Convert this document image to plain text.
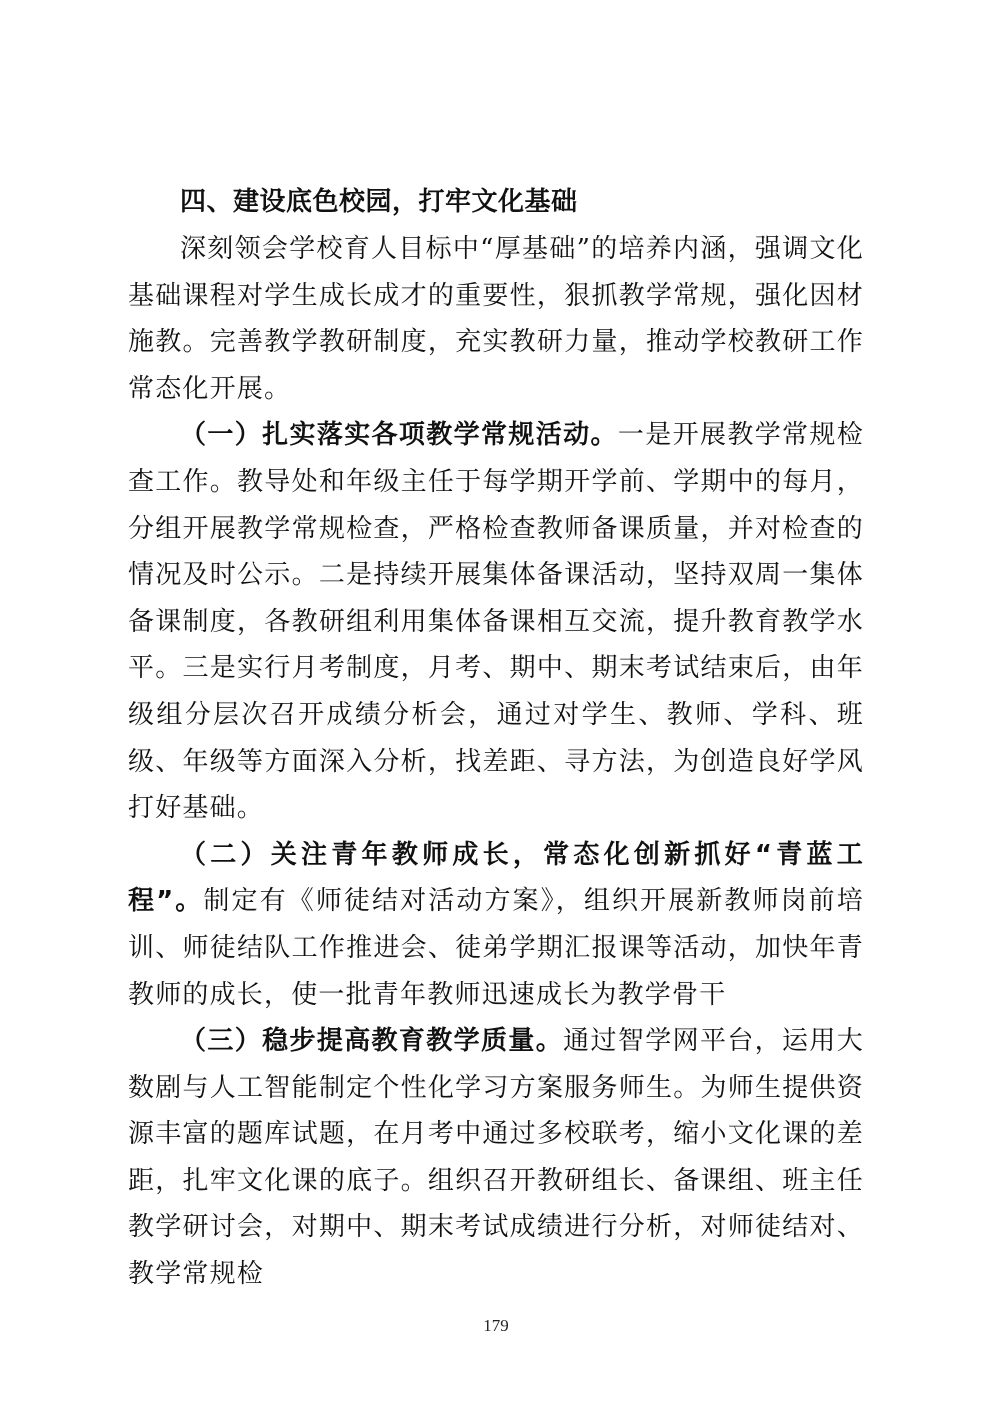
四、建设底色校园，打牢文化基础

深刻领会学校育人目标中“厚基础”的培养内涵，强调文化基础课程对学生成长成才的重要性，狠抓教学常规，强化因材施教。完善教学教研制度，充实教研力量，推动学校教研工作常态化开展。

（一）扎实落实各项教学常规活动。一是开展教学常规检查工作。教导处和年级主任于每学期开学前、学期中的每月，分组开展教学常规检查，严格检查教师备课质量，并对检查的情况及时公示。二是持续开展集体备课活动，坚持双周一集体备课制度，各教研组利用集体备课相互交流，提升教育教学水平。三是实行月考制度，月考、期中、期末考试结束后，由年级组分层次召开成绩分析会，通过对学生、教师、学科、班级、年级等方面深入分析，找差距、寻方法，为创造良好学风打好基础。

（二）关注青年教师成长，常态化创新抓好“青蓝工程”。制定有《师徒结对活动方案》，组织开展新教师岗前培训、师徒结队工作推进会、徒弟学期汇报课等活动，加快年青教师的成长，使一批青年教师迅速成长为教学骨干

（三）稳步提高教育教学质量。通过智学网平台，运用大数剧与人工智能制定个性化学习方案服务师生。为师生提供资源丰富的题库试题，在月考中通过多校联考，缩小文化课的差距，扎牢文化课的底子。组织召开教研组长、备课组、班主任教学研讨会，对期中、期末考试成绩进行分析，对师徒结对、教学常规检

179
